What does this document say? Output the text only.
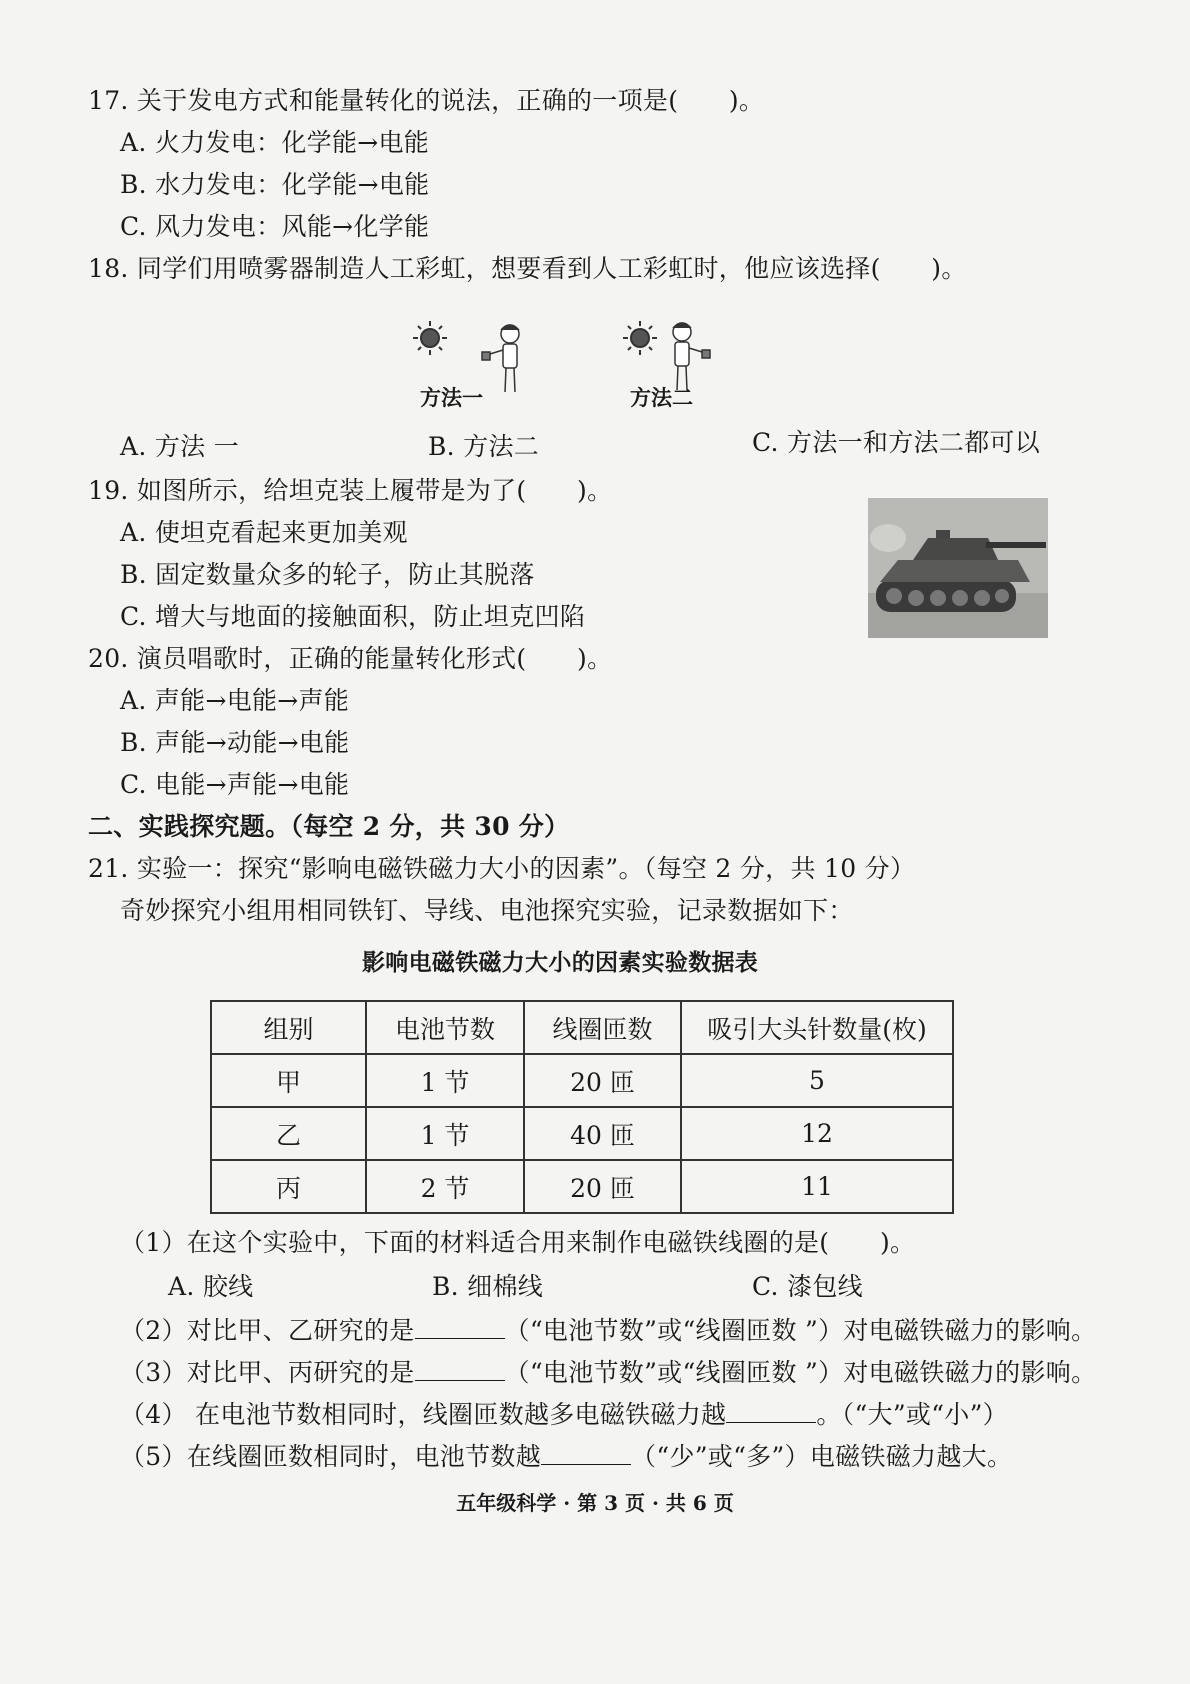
17. 关于发电方式和能量转化的说法，正确的一项是(　　)。
A. 火力发电：化学能→电能
B. 水力发电：化学能→电能
C. 风力发电：风能→化学能
18. 同学们用喷雾器制造人工彩虹，想要看到人工彩虹时，他应该选择(　　)。
方法一	方法二
A. 方法 一	B. 方法二	C. 方法一和方法二都可以
19. 如图所示，给坦克装上履带是为了(　　)。
A. 使坦克看起来更加美观
B. 固定数量众多的轮子，防止其脱落
C. 增大与地面的接触面积，防止坦克凹陷
20. 演员唱歌时，正确的能量转化形式(　　)。
A. 声能→电能→声能
B. 声能→动能→电能
C. 电能→声能→电能
二、实践探究题。（每空 2 分，共 30 分）
21. 实验一：探究“影响电磁铁磁力大小的因素”。（每空 2 分，共 10 分）
奇妙探究小组用相同铁钉、导线、电池探究实验，记录数据如下：
影响电磁铁磁力大小的因素实验数据表
组别	电池节数	线圈匝数	吸引大头针数量(枚)
甲	1 节	20 匝	5
乙	1 节	40 匝	12
丙	2 节	20 匝	11
（1）在这个实验中，下面的材料适合用来制作电磁铁线圈的是(　　)。
A. 胶线	B. 细棉线	C. 漆包线
（2）对比甲、乙研究的是	（“电池节数”或“线圈匝数 ”）对电磁铁磁力的影响。
（3）对比甲、丙研究的是	（“电池节数”或“线圈匝数 ”）对电磁铁磁力的影响。
（4） 在电池节数相同时，线圈匝数越多电磁铁磁力越	。（“大”或“小”）
（5）在线圈匝数相同时，电池节数越	（“少”或“多”）电磁铁磁力越大。
五年级科学 · 第 3 页 · 共 6 页
